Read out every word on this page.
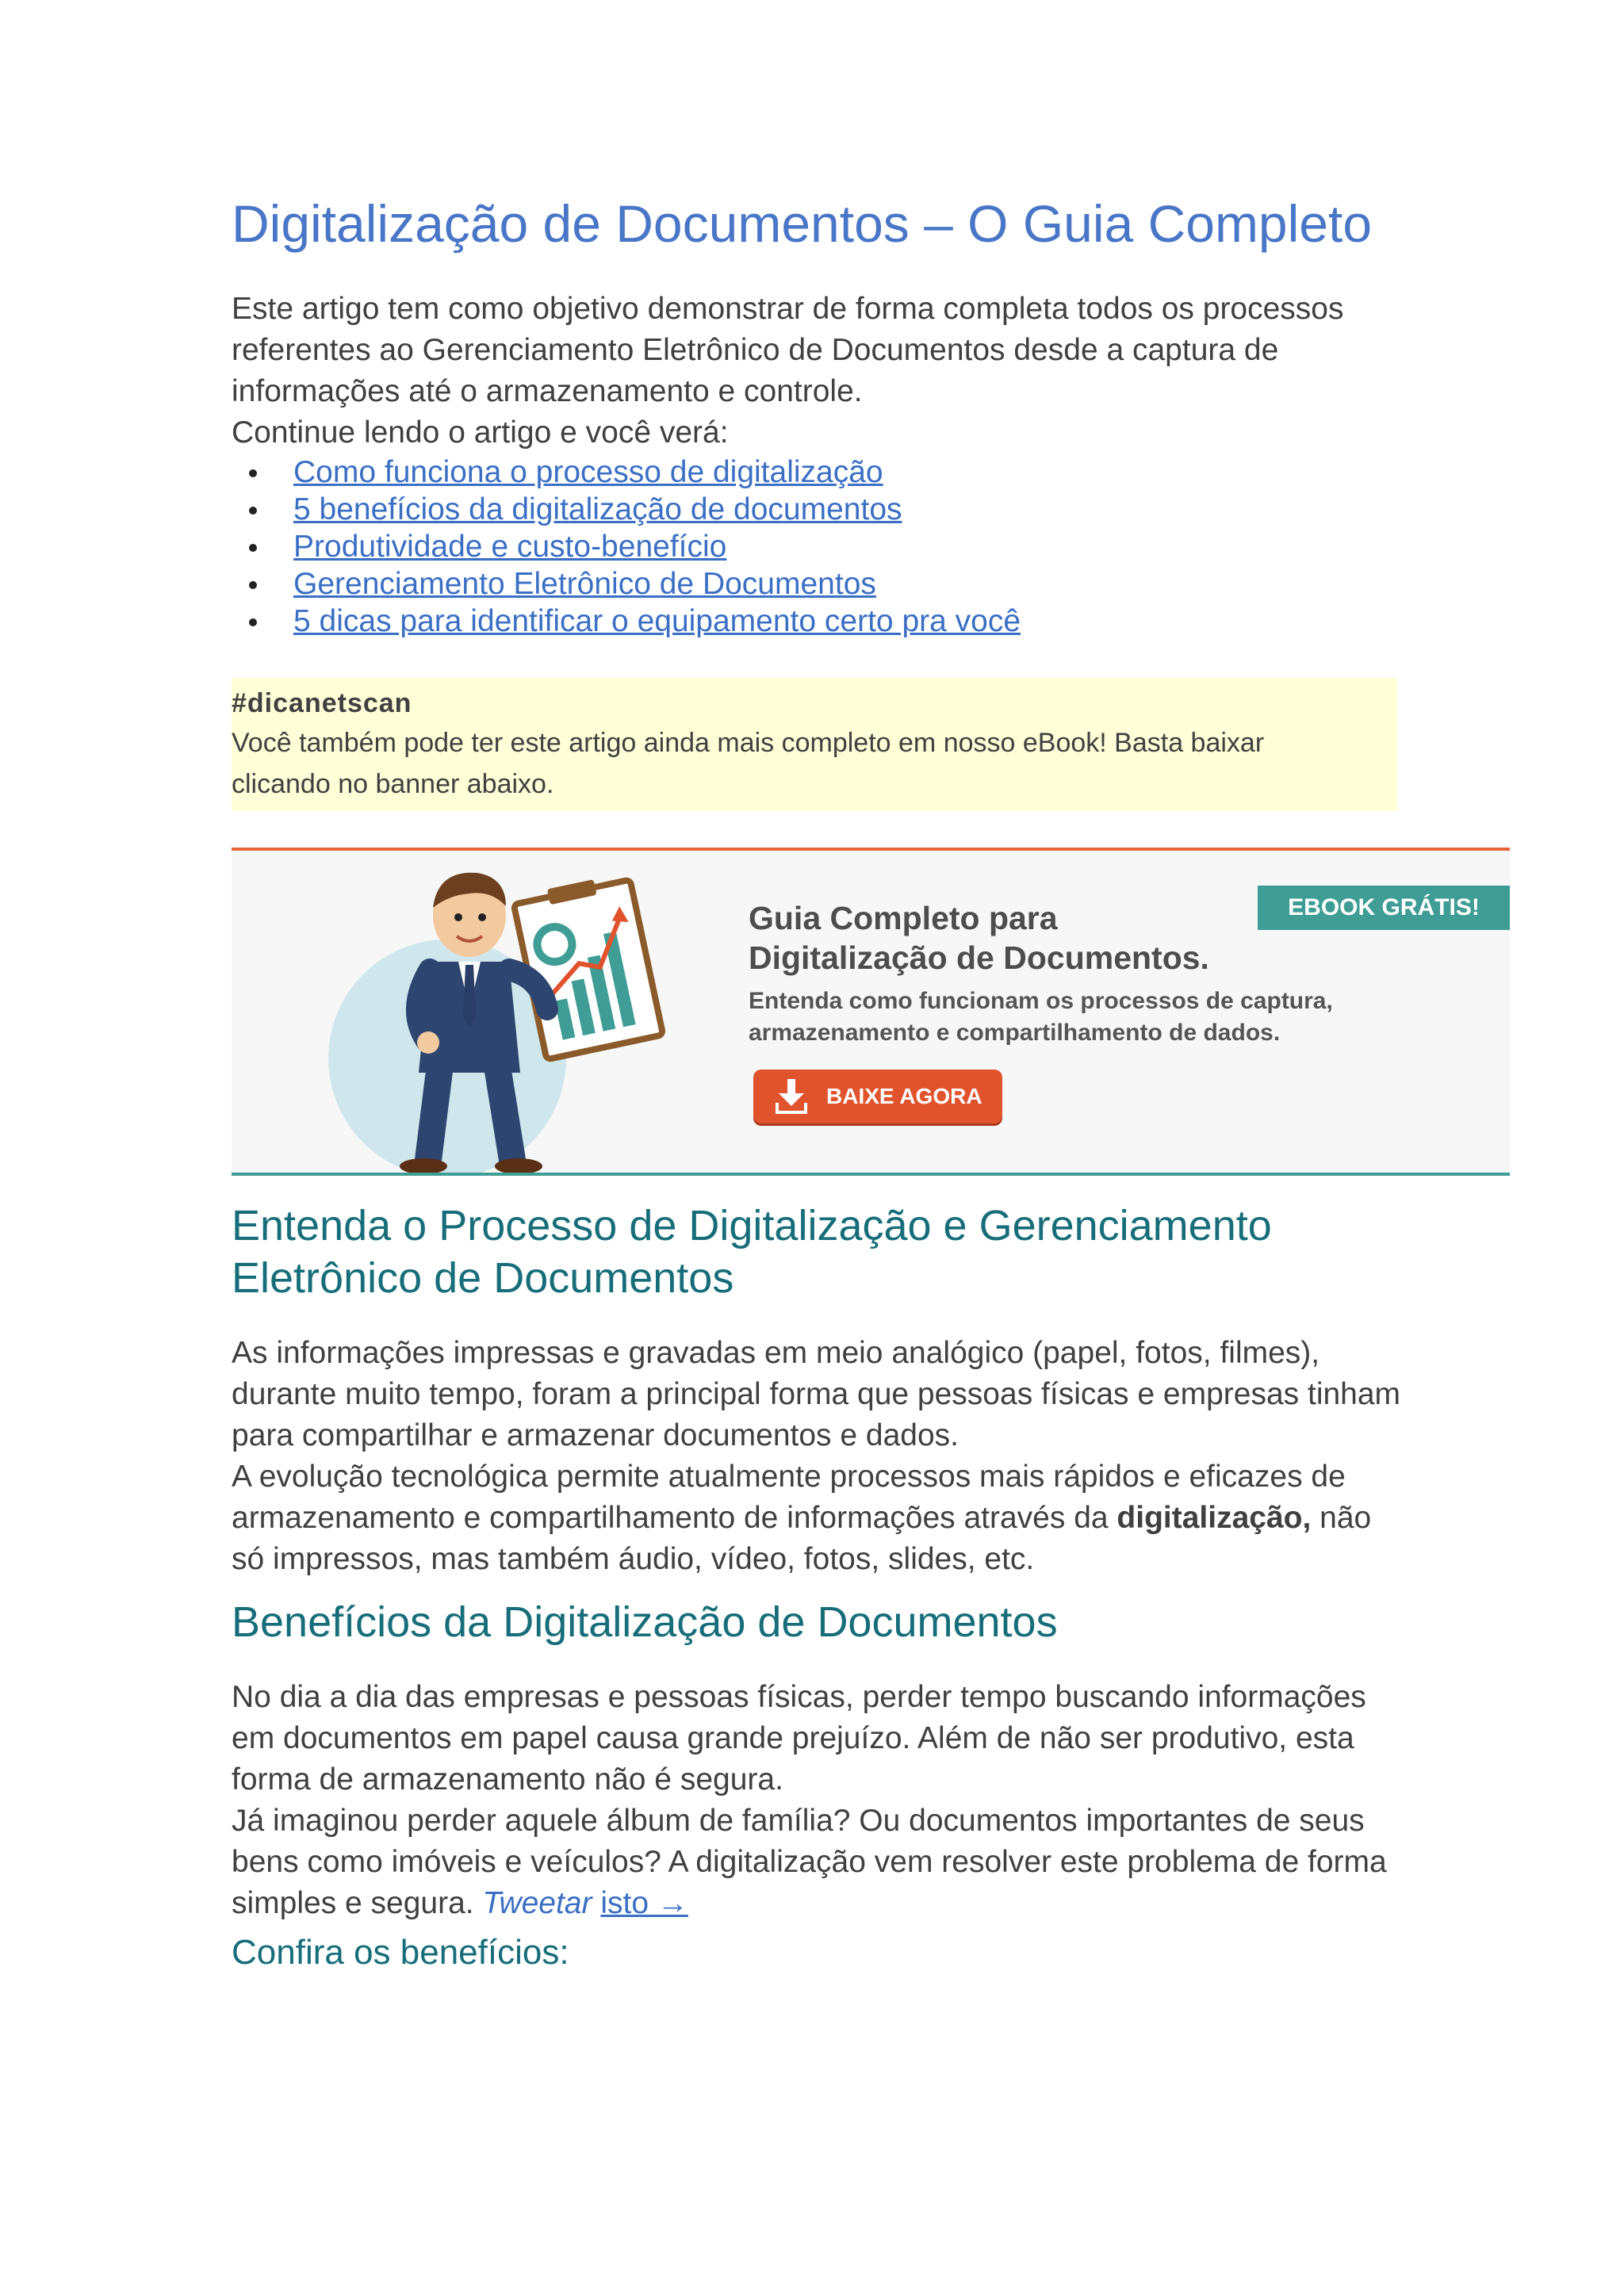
Digitalização de Documentos – O Guia Completo

Este artigo tem como objetivo demonstrar de forma completa todos os processos referentes ao Gerenciamento Eletrônico de Documentos desde a captura de informações até o armazenamento e controle.

Continue lendo o artigo e você verá:

Como funciona o processo de digitalização
5 benefícios da digitalização de documentos
Produtividade e custo-benefício
Gerenciamento Eletrônico de Documentos
5 dicas para identificar o equipamento certo pra você
#dicanetscan
Você também pode ter este artigo ainda mais completo em nosso eBook! Basta baixar clicando no banner abaixo.
Guia Completo para
Digitalização de Documentos.
Entenda como funcionam os processos de captura,
armazenamento e compartilhamento de dados.
EBOOK GRÁTIS!
BAIXE AGORA
Entenda o Processo de Digitalização e Gerenciamento Eletrônico de Documentos

As informações impressas e gravadas em meio analógico (papel, fotos, filmes), durante muito tempo, foram a principal forma que pessoas físicas e empresas tinham para compartilhar e armazenar documentos e dados.

A evolução tecnológica permite atualmente processos mais rápidos e eficazes de armazenamento e compartilhamento de informações através da digitalização, não só impressos, mas também áudio, vídeo, fotos, slides, etc.

Benefícios da Digitalização de Documentos

No dia a dia das empresas e pessoas físicas, perder tempo buscando informações em documentos em papel causa grande prejuízo. Além de não ser produtivo, esta forma de armazenamento não é segura.

Já imaginou perder aquele álbum de família? Ou documentos importantes de seus bens como imóveis e veículos? A digitalização vem resolver este problema de forma simples e segura. Tweetar isto →

Confira os benefícios:
